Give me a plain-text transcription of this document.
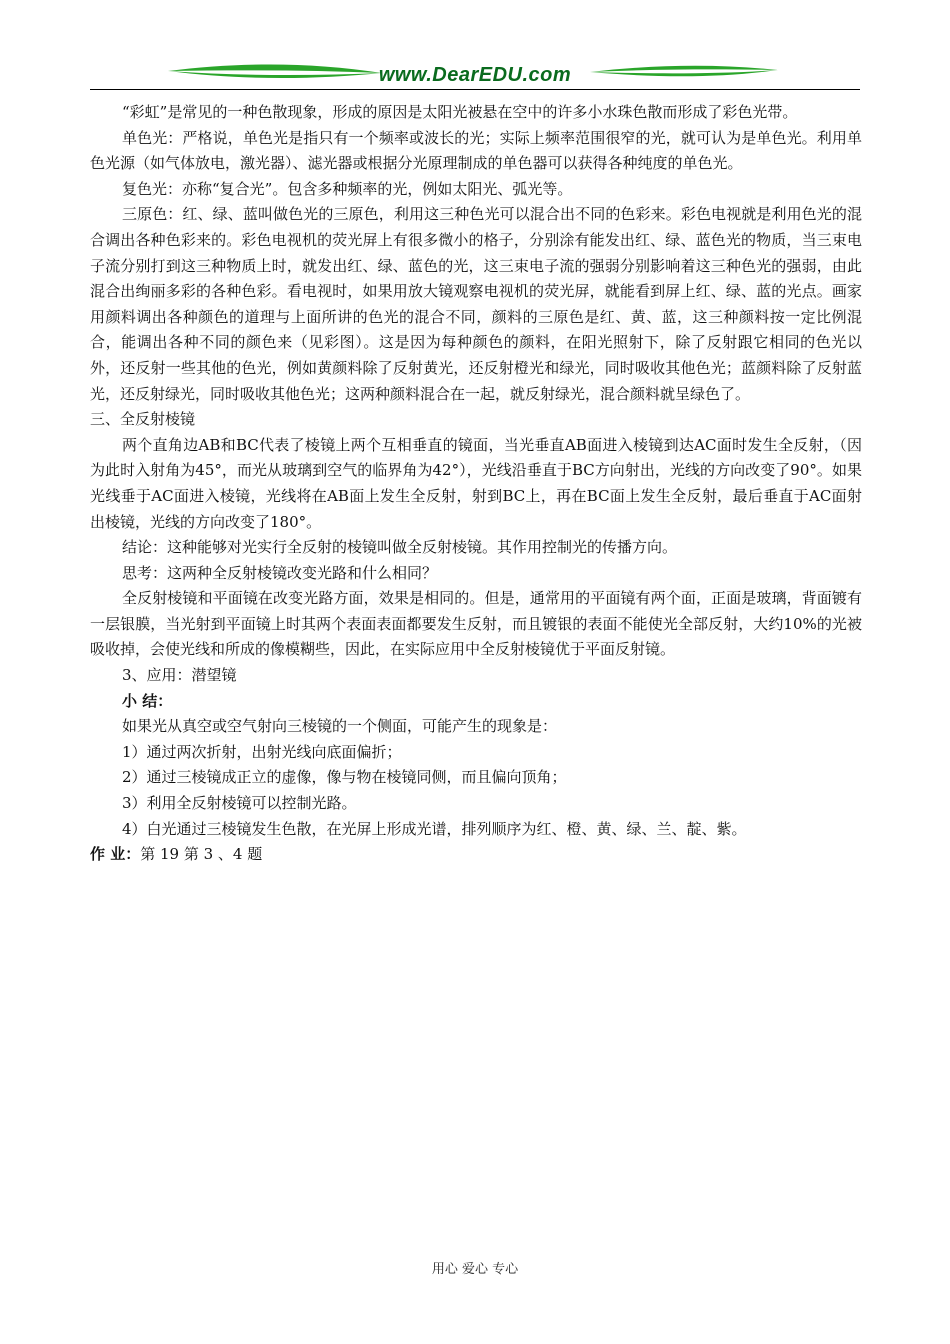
www.DearEDU.com

“彩虹”是常见的一种色散现象，形成的原因是太阳光被悬在空中的许多小水珠色散而形成了彩色光带。

单色光：严格说，单色光是指只有一个频率或波长的光；实际上频率范围很窄的光，就可认为是单色光。利用单色光源（如气体放电，激光器）、滤光器或根据分光原理制成的单色器可以获得各种纯度的单色光。

复色光：亦称“复合光”。包含多种频率的光，例如太阳光、弧光等。

三原色：红、绿、蓝叫做色光的三原色，利用这三种色光可以混合出不同的色彩来。彩色电视就是利用色光的混合调出各种色彩来的。彩色电视机的荧光屏上有很多微小的格子，分别涂有能发出红、绿、蓝色光的物质，当三束电子流分别打到这三种物质上时，就发出红、绿、蓝色的光，这三束电子流的强弱分别影响着这三种色光的强弱，由此混合出绚丽多彩的各种色彩。看电视时，如果用放大镜观察电视机的荧光屏，就能看到屏上红、绿、蓝的光点。画家用颜料调出各种颜色的道理与上面所讲的色光的混合不同，颜料的三原色是红、黄、蓝，这三种颜料按一定比例混合，能调出各种不同的颜色来（见彩图）。这是因为每种颜色的颜料，在阳光照射下，除了反射跟它相同的色光以外，还反射一些其他的色光，例如黄颜料除了反射黄光，还反射橙光和绿光，同时吸收其他色光；蓝颜料除了反射蓝光，还反射绿光，同时吸收其他色光；这两种颜料混合在一起，就反射绿光，混合颜料就呈绿色了。

三、全反射棱镜

两个直角边AB和BC代表了棱镜上两个互相垂直的镜面，当光垂直AB面进入棱镜到达AC面时发生全反射，（因为此时入射角为45°，而光从玻璃到空气的临界角为42°），光线沿垂直于BC方向射出，光线的方向改变了90°。如果光线垂于AC面进入棱镜，光线将在AB面上发生全反射，射到BC上，再在BC面上发生全反射，最后垂直于AC面射出棱镜，光线的方向改变了180°。

结论：这种能够对光实行全反射的棱镜叫做全反射棱镜。其作用控制光的传播方向。

思考：这两种全反射棱镜改变光路和什么相同？

全反射棱镜和平面镜在改变光路方面，效果是相同的。但是，通常用的平面镜有两个面，正面是玻璃，背面镀有一层银膜，当光射到平面镜上时其两个表面表面都要发生反射，而且镀银的表面不能使光全部反射，大约10%的光被吸收掉，会使光线和所成的像模糊些，因此，在实际应用中全反射棱镜优于平面反射镜。

3、应用：潜望镜

小 结：

如果光从真空或空气射向三棱镜的一个侧面，可能产生的现象是：

1）通过两次折射，出射光线向底面偏折；

2）通过三棱镜成正立的虚像，像与物在棱镜同侧，而且偏向顶角；

3）利用全反射棱镜可以控制光路。

4）白光通过三棱镜发生色散，在光屏上形成光谱，排列顺序为红、橙、黄、绿、兰、靛、紫。

作 业：第 19 第 3 、4 题

用心 爱心 专心
